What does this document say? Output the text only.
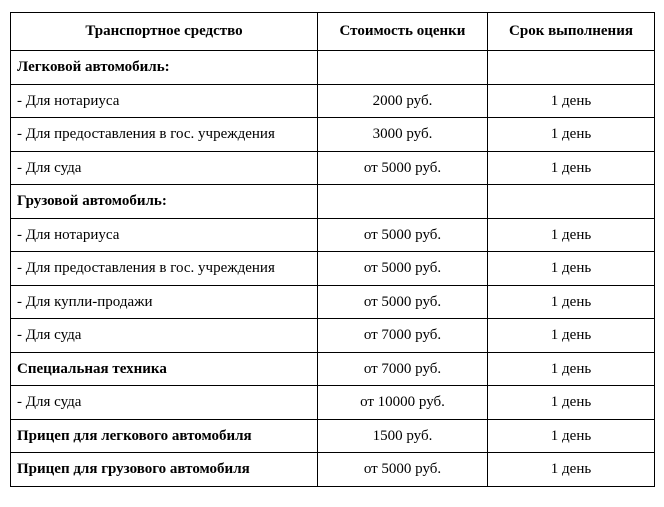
Транспортное средство	Стоимость оценки	Срок выполнения
Легковой автомобиль:		
- Для нотариуса	2000 руб.	1 день
- Для предоставления в гос. учреждения	3000 руб.	1 день
- Для суда	от 5000 руб.	1 день
Грузовой автомобиль:		
- Для нотариуса	от 5000 руб.	1 день
- Для предоставления в гос. учреждения	от 5000 руб.	1 день
- Для купли-продажи	от 5000 руб.	1 день
- Для суда	от 7000 руб.	1 день
Специальная техника	от 7000 руб.	1 день
- Для суда	от 10000 руб.	1 день
Прицеп для легкового автомобиля	1500 руб.	1 день
Прицеп для грузового автомобиля	от 5000 руб.	1 день
